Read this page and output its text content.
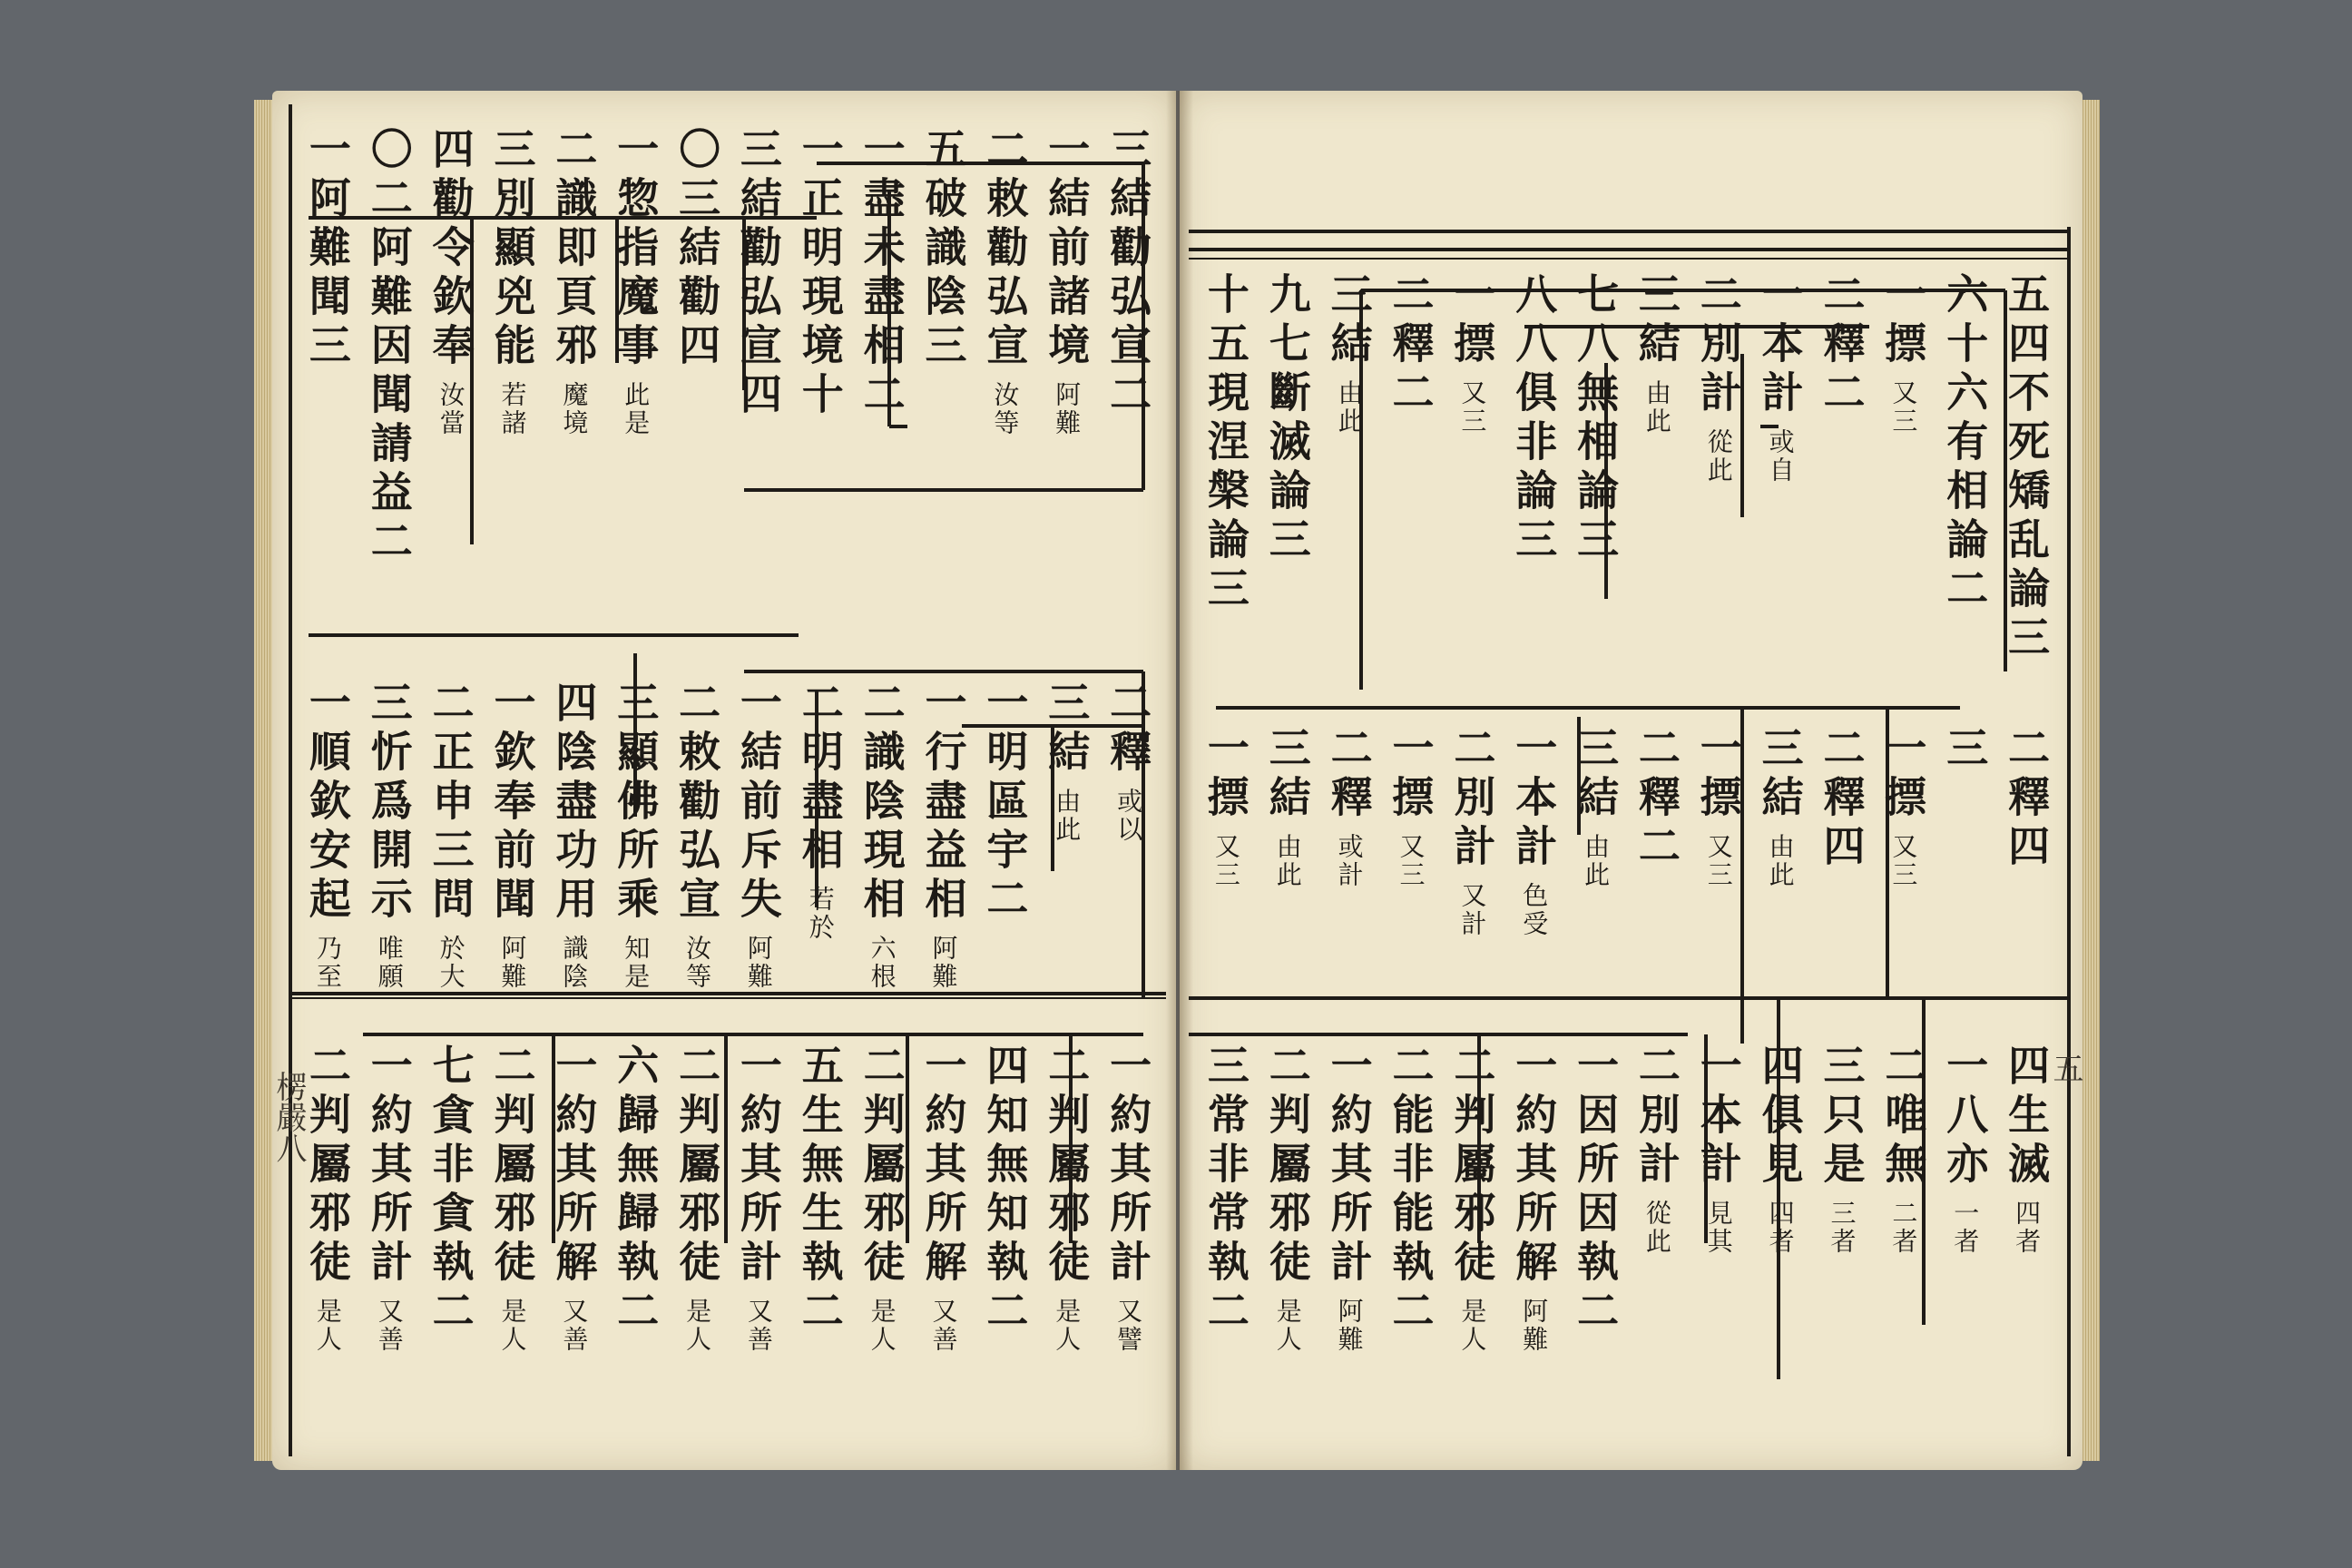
三結勸弘宣二
一結前諸境阿難
二敕勸弘宣汝等
五破識陰三
一盡未盡相二
一正明現境十
三結勸弘宣四
〇三結勸四
一惣指魔事此是
二識即頁邪魔境
三別顯兇能若諸
四勸令欽奉汝當
〇二阿難因聞請益二
一阿難聞三
二釋或以
三結由此
一明區宇二
一行盡益相阿難
二識陰現相六根
二明盡相若於
一結前斥失阿難
二敕勸弘宣汝等
三顯佛所乘知是
四陰盡功用識陰
一欽奉前聞阿難
二正申三問於大
三忻爲開示唯願
一順欽安起乃至
一約其所計又譬
二判屬邪徒是人
四知無知執二
一約其所解又善
二判屬邪徒是人
五生無生執二
一約其所計又善
二判屬邪徒是人
六歸無歸執二
一約其所解又善
二判屬邪徒是人
七貪非貪執二
一約其所計又善
二判屬邪徒是人
五四不死矯乱論三
六十六有相論二
一摽又三
二釋二
一本計或自
二別計從此
三結由此
七八無相論三
八八俱非論三
一摽又三
二釋二
三結由此
九七斷滅論三
十五現涅槃論三
二釋四
三
一摽又三
二釋四
三結由此
一摽又三
二釋二
三結由此
一本計色受
二別計又計
一摽又三
二釋或計
三結由此
一摽又三
四生滅四者
一八亦一者
二唯無二者
三只是三者
四俱見四者
一本計見其
二別計從此
一因所因執二
一約其所解阿難
二判屬邪徒是人
二能非能執二
一約其所計阿難
二判屬邪徒是人
三常非常執二
楞嚴八
五
